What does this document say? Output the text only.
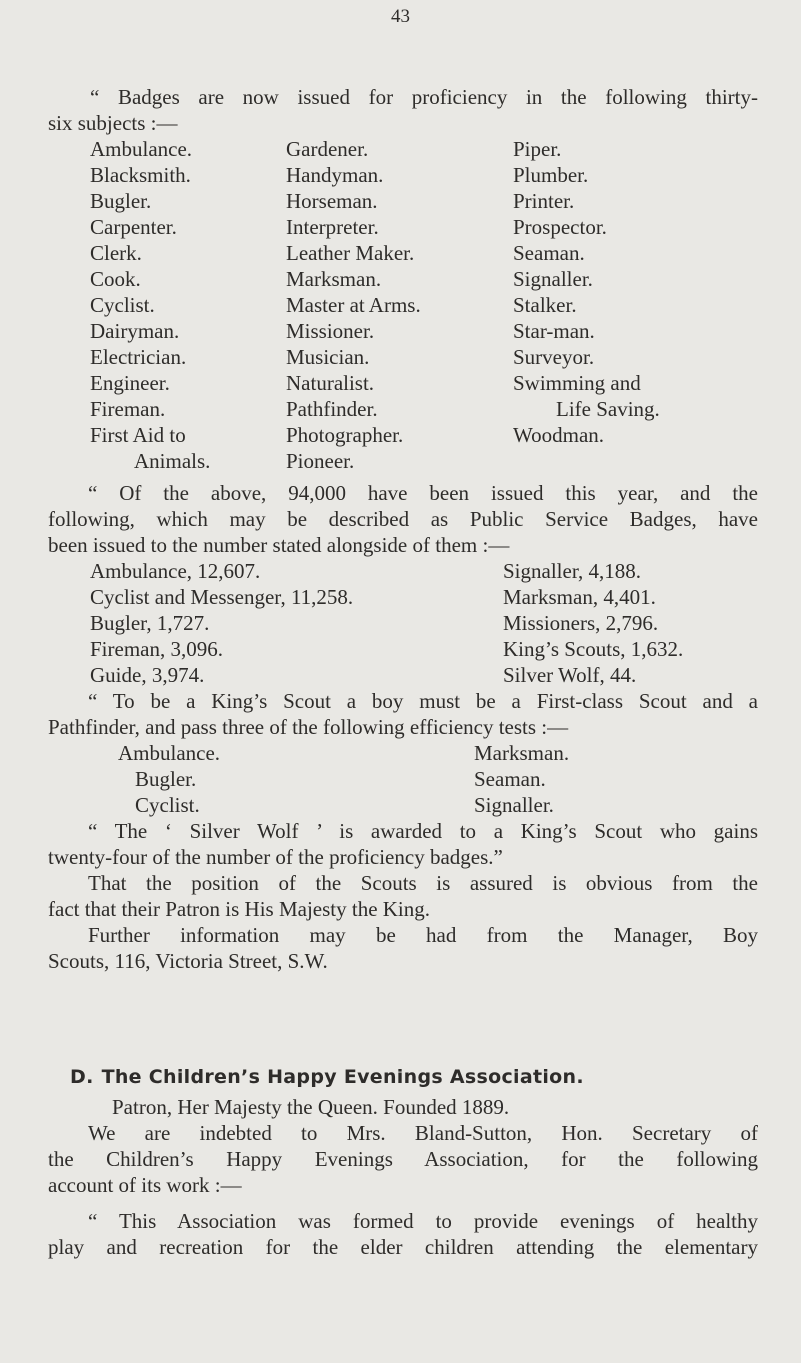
43
“ Badges are now issued for proficiency in the following thirty-
six subjects :—
Ambulance.
Blacksmith.
Bugler.
Carpenter.
Clerk.
Cook.
Cyclist.
Dairyman.
Electrician.
Engineer.
Fireman.
First Aid to
Animals.
Gardener.
Handyman.
Horseman.
Interpreter.
Leather Maker.
Marksman.
Master at Arms.
Missioner.
Musician.
Naturalist.
Pathfinder.
Photographer.
Pioneer.
Piper.
Plumber.
Printer.
Prospector.
Seaman.
Signaller.
Stalker.
Star-man.
Surveyor.
Swimming and
Life Saving.
Woodman.
“ Of the above, 94,000 have been issued this year, and the
following, which may be described as Public Service Badges, have
been issued to the number stated alongside of them :—
Ambulance, 12,607.
Cyclist and Messenger, 11,258.
Bugler, 1,727.
Fireman, 3,096.
Guide, 3,974.
Signaller, 4,188.
Marksman, 4,401.
Missioners, 2,796.
King’s Scouts, 1,632.
Silver Wolf, 44.
“ To be a King’s Scout a boy must be a First-class Scout and a
Pathfinder, and pass three of the following efficiency tests :—
Ambulance.
Bugler.
Cyclist.
Marksman.
Seaman.
Signaller.
“ The ‘ Silver Wolf ’ is awarded to a King’s Scout who gains
twenty-four of the number of the proficiency badges.”
That the position of the Scouts is assured is obvious from the
fact that their Patron is His Majesty the King.
Further information may be had from the Manager, Boy
Scouts, 116, Victoria Street, S.W.
D. The Children’s Happy Evenings Association.
Patron, Her Majesty the Queen. Founded 1889.
We are indebted to Mrs. Bland-Sutton, Hon. Secretary of
the Children’s Happy Evenings Association, for the following
account of its work :—
“ This Association was formed to provide evenings of healthy
play and recreation for the elder children attending the elementary
